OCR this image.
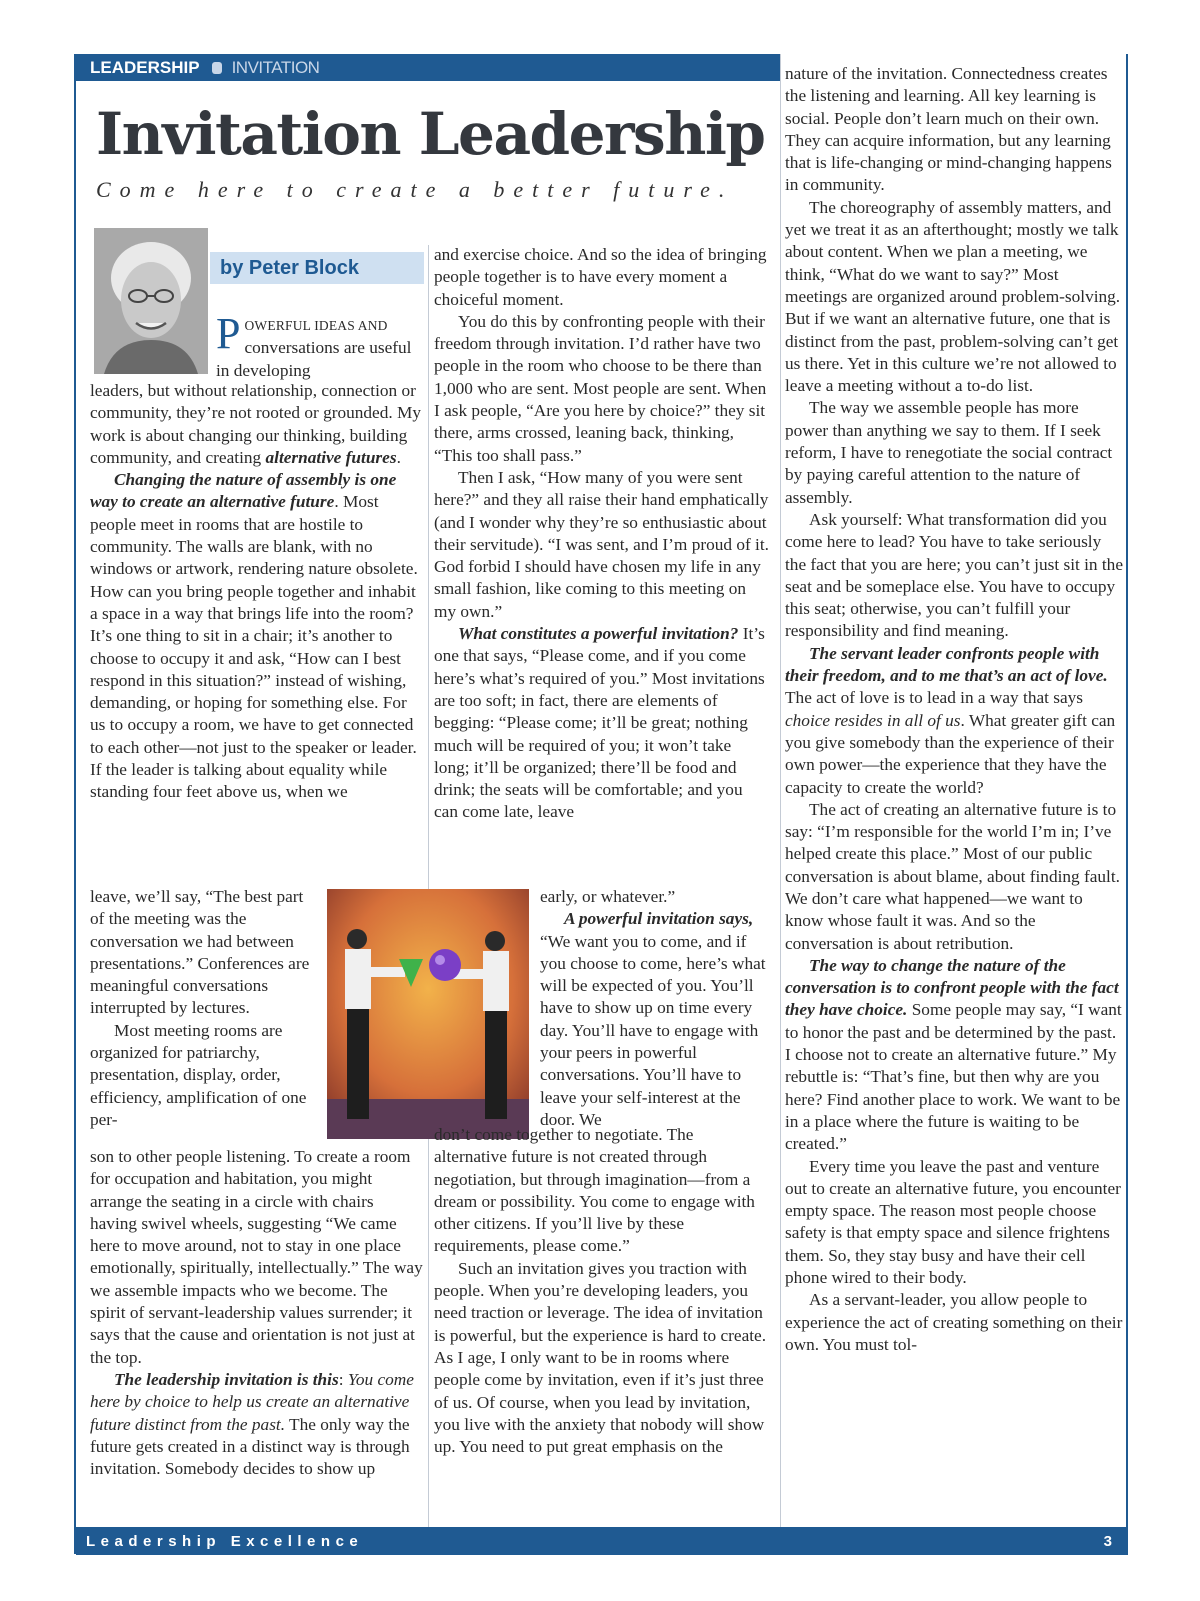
LEADERSHIP INVITATION
Invitation Leadership

Come here to create a better future.

by Peter Block

POWERFUL IDEAS AND conversations are useful in developing

leaders, but without relationship, connection or community, they’re not rooted or grounded. My work is about changing our thinking, building community, and creating alternative futures.

Changing the nature of assembly is one way to create an alternative future. Most people meet in rooms that are hostile to community. The walls are blank, with no windows or artwork, rendering nature obsolete. How can you bring people together and inhabit a space in a way that brings life into the room? It’s one thing to sit in a chair; it’s another to choose to occupy it and ask, “How can I best respond in this situation?” instead of wishing, demanding, or hoping for something else. For us to occupy a room, we have to get connected to each other—not just to the speaker or leader. If the leader is talking about equality while standing four feet above us, when we

leave, we’ll say, “The best part of the meeting was the conversation we had between presentations.” Conferences are meaningful conversations interrupted by lectures.

Most meeting rooms are organized for patriarchy, presentation, display, order, efficiency, amplification of one per-

son to other people listening. To create a room for occupation and habitation, you might arrange the seating in a circle with chairs having swivel wheels, suggesting “We came here to move around, not to stay in one place emotionally, spiritually, intellectually.” The way we assemble impacts who we become. The spirit of servant-leadership values surrender; it says that the cause and orientation is not just at the top.

The leadership invitation is this: You come here by choice to help us create an alternative future distinct from the past. The only way the future gets created in a distinct way is through invitation. Somebody decides to show up

and exercise choice. And so the idea of bringing people together is to have every moment a choiceful moment.

You do this by confronting people with their freedom through invitation. I’d rather have two people in the room who choose to be there than 1,000 who are sent. Most people are sent. When I ask people, “Are you here by choice?” they sit there, arms crossed, leaning back, thinking, “This too shall pass.”

Then I ask, “How many of you were sent here?” and they all raise their hand emphatically (and I wonder why they’re so enthusiastic about their servitude). “I was sent, and I’m proud of it. God forbid I should have chosen my life in any small fashion, like coming to this meeting on my own.”

What constitutes a powerful invitation? It’s one that says, “Please come, and if you come here’s what’s required of you.” Most invitations are too soft; in fact, there are elements of begging: “Please come; it’ll be great; nothing much will be required of you; it won’t take long; it’ll be organized; there’ll be food and drink; the seats will be comfortable; and you can come late, leave

early, or whatever.”

A powerful invitation says, “We want you to come, and if you choose to come, here’s what will be expected of you. You’ll have to show up on time every day. You’ll have to engage with your peers in powerful conversations. You’ll have to leave your self-interest at the door. We

don’t come together to negotiate. The alternative future is not created through negotiation, but through imagination—from a dream or possibility. You come to engage with other citizens. If you’ll live by these requirements, please come.”

Such an invitation gives you traction with people. When you’re developing leaders, you need traction or leverage. The idea of invitation is powerful, but the experience is hard to create. As I age, I only want to be in rooms where people come by invitation, even if it’s just three of us. Of course, when you lead by invitation, you live with the anxiety that nobody will show up. You need to put great emphasis on the

nature of the invitation. Connectedness creates the listening and learning. All key learning is social. People don’t learn much on their own. They can acquire information, but any learning that is life-changing or mind-changing happens in community.

The choreography of assembly matters, and yet we treat it as an afterthought; mostly we talk about content. When we plan a meeting, we think, “What do we want to say?” Most meetings are organized around problem-solving. But if we want an alternative future, one that is distinct from the past, problem-solving can’t get us there. Yet in this culture we’re not allowed to leave a meeting without a to-do list.

The way we assemble people has more power than anything we say to them. If I seek reform, I have to renegotiate the social contract by paying careful attention to the nature of assembly.

Ask yourself: What transformation did you come here to lead? You have to take seriously the fact that you are here; you can’t just sit in the seat and be someplace else. You have to occupy this seat; otherwise, you can’t fulfill your responsibility and find meaning.

The servant leader confronts people with their freedom, and to me that’s an act of love. The act of love is to lead in a way that says choice resides in all of us. What greater gift can you give somebody than the experience of their own power—the experience that they have the capacity to create the world?

The act of creating an alternative future is to say: “I’m responsible for the world I’m in; I’ve helped create this place.” Most of our public conversation is about blame, about finding fault. We don’t care what happened—we want to know whose fault it was. And so the conversation is about retribution.

The way to change the nature of the conversation is to confront people with the fact they have choice. Some people may say, “I want to honor the past and be determined by the past. I choose not to create an alternative future.” My rebuttle is: “That’s fine, but then why are you here? Find another place to work. We want to be in a place where the future is waiting to be created.”

Every time you leave the past and venture out to create an alternative future, you encounter empty space. The reason most people choose safety is that empty space and silence frightens them. So, they stay busy and have their cell phone wired to their body.

As a servant-leader, you allow people to experience the act of creating something on their own. You must tol-

Leadership Excellence	3
